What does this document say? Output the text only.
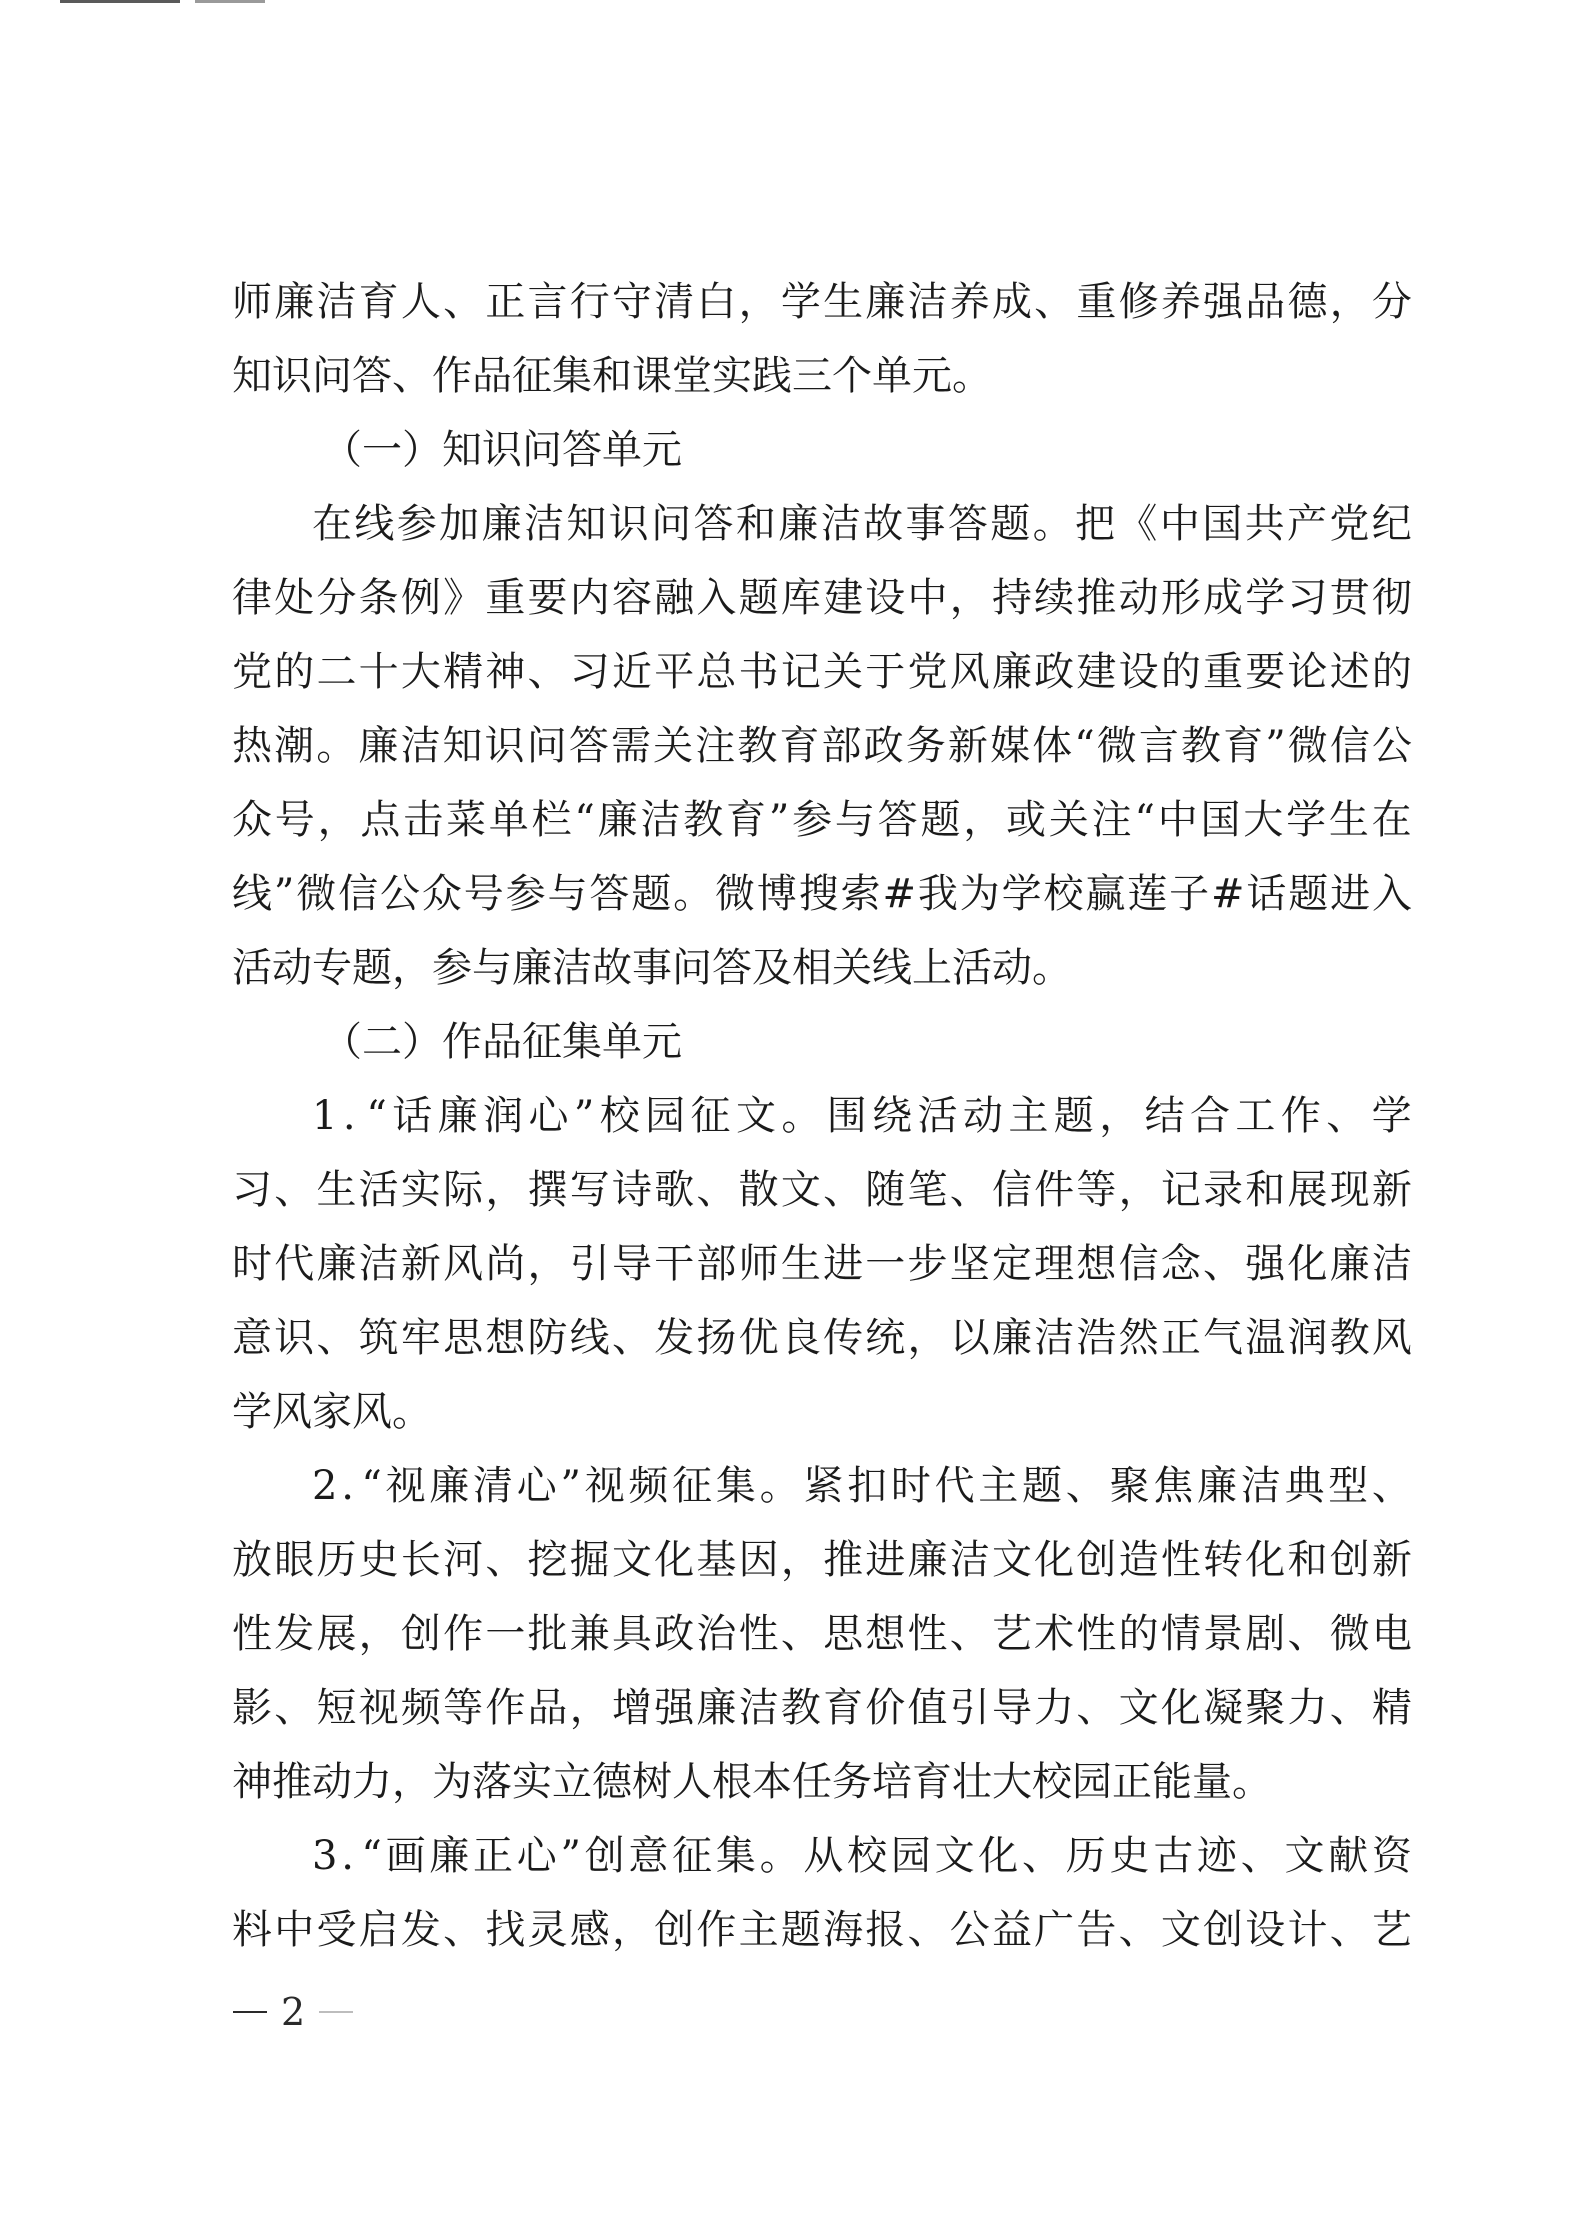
师 廉 洁 育 人 、 正 言 行 守 清 白 ， 学 生 廉 洁 养 成 、 重 修 养 强 品 德 ， 分
知识问答、作品征集和课堂实践三个单元。
（一）知识问答单元
在 线 参 加 廉 洁 知 识 问 答 和 廉 洁 故 事 答 题 。 把 《 中 国 共 产 党 纪
律 处 分 条 例 》 重 要 内 容 融 入 题 库 建 设 中 ， 持 续 推 动 形 成 学 习 贯 彻
党 的 二 十 大 精 神 、 习 近 平 总 书 记 关 于 党 风 廉 政 建 设 的 重 要 论 述 的
热 潮 。 廉 洁 知 识 问 答 需 关 注 教 育 部 政 务 新 媒 体 “ 微 言 教 育 ” 微 信 公
众 号 ， 点 击 菜 单 栏 “ 廉 洁 教 育 ” 参 与 答 题 ， 或 关 注 “ 中 国 大 学 生 在
线 ” 微 信 公 众 号 参 与 答 题 。 微 博 搜 索 # 我 为 学 校 赢 莲 子 # 话 题 进 入
活动专题，参与廉洁故事问答及相关线上活动。
（二）作品征集单元
1 . “ 话 廉 润 心 ” 校 园 征 文 。 围 绕 活 动 主 题 ， 结 合 工 作 、 学
习 、 生 活 实 际 ， 撰 写 诗 歌 、 散 文 、 随 笔 、 信 件 等 ， 记 录 和 展 现 新
时 代 廉 洁 新 风 尚 ， 引 导 干 部 师 生 进 一 步 坚 定 理 想 信 念 、 强 化 廉 洁
意 识 、 筑 牢 思 想 防 线 、 发 扬 优 良 传 统 ， 以 廉 洁 浩 然 正 气 温 润 教 风
学风家风。
2 . “ 视 廉 清 心 ” 视 频 征 集 。 紧 扣 时 代 主 题 、 聚 焦 廉 洁 典 型 、
放 眼 历 史 长 河 、 挖 掘 文 化 基 因 ， 推 进 廉 洁 文 化 创 造 性 转 化 和 创 新
性 发 展 ， 创 作 一 批 兼 具 政 治 性 、 思 想 性 、 艺 术 性 的 情 景 剧 、 微 电
影 、 短 视 频 等 作 品 ， 增 强 廉 洁 教 育 价 值 引 导 力 、 文 化 凝 聚 力 、 精
神推动力，为落实立德树人根本任务培育壮大校园正能量。
3 . “ 画 廉 正 心 ” 创 意 征 集 。 从 校 园 文 化 、 历 史 古 迹 、 文 献 资
料 中 受 启 发 、 找 灵 感 ， 创 作 主 题 海 报 、 公 益 广 告 、 文 创 设 计 、 艺
2
